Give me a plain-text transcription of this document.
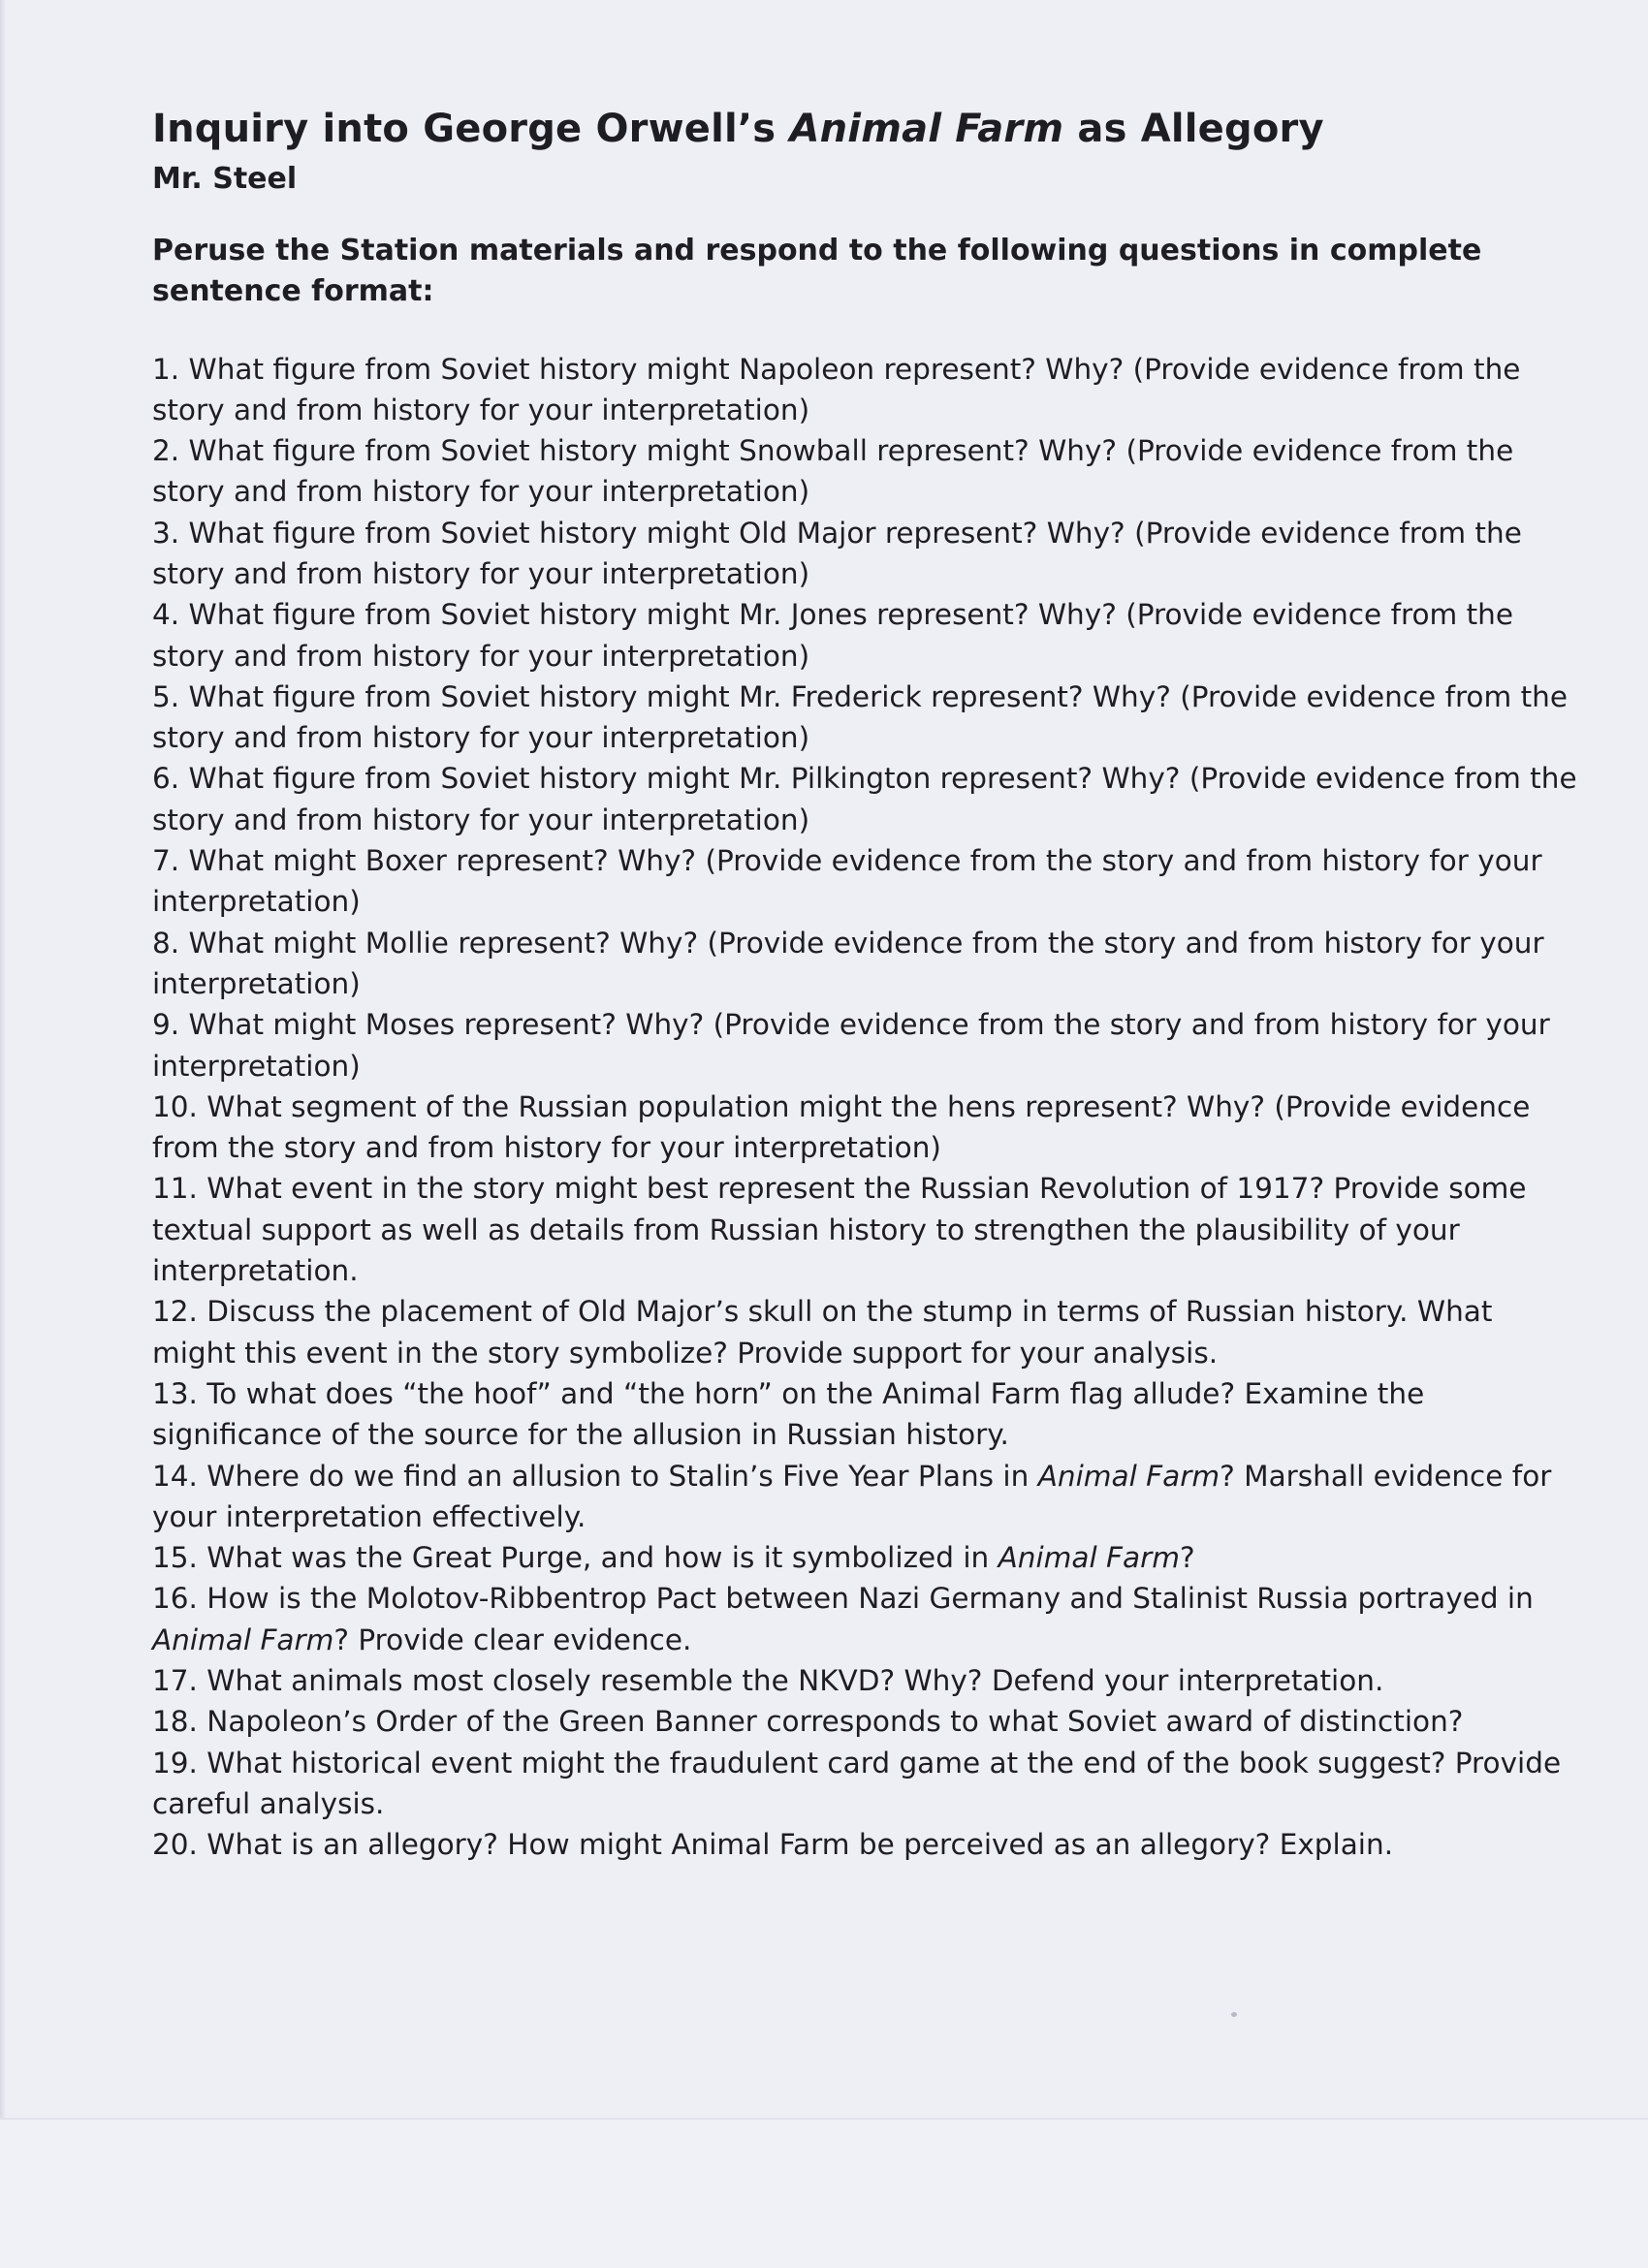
Inquiry into George Orwell’s Animal Farm as Allegory
Mr. Steel
Peruse the Station materials and respond to the following questions in complete sentence format:
1. What figure from Soviet history might Napoleon represent? Why? (Provide evidence from the story and from history for your interpretation)
2. What figure from Soviet history might Snowball represent? Why? (Provide evidence from the story and from history for your interpretation)
3. What figure from Soviet history might Old Major represent? Why? (Provide evidence from the story and from history for your interpretation)
4. What figure from Soviet history might Mr. Jones represent? Why? (Provide evidence from the story and from history for your interpretation)
5. What figure from Soviet history might Mr. Frederick represent? Why? (Provide evidence from the story and from history for your interpretation)
6. What figure from Soviet history might Mr. Pilkington represent? Why? (Provide evidence from the story and from history for your interpretation)
7. What might Boxer represent? Why? (Provide evidence from the story and from history for your interpretation)
8. What might Mollie represent? Why? (Provide evidence from the story and from history for your interpretation)
9. What might Moses represent? Why? (Provide evidence from the story and from history for your interpretation)
10. What segment of the Russian population might the hens represent? Why? (Provide evidence from the story and from history for your interpretation)
11. What event in the story might best represent the Russian Revolution of 1917? Provide some textual support as well as details from Russian history to strengthen the plausibility of your interpretation.
12. Discuss the placement of Old Major’s skull on the stump in terms of Russian history. What might this event in the story symbolize? Provide support for your analysis.
13. To what does “the hoof” and “the horn” on the Animal Farm flag allude? Examine the significance of the source for the allusion in Russian history.
14. Where do we find an allusion to Stalin’s Five Year Plans in Animal Farm? Marshall evidence for your interpretation effectively.
15. What was the Great Purge, and how is it symbolized in Animal Farm?
16. How is the Molotov-Ribbentrop Pact between Nazi Germany and Stalinist Russia portrayed in Animal Farm? Provide clear evidence.
17. What animals most closely resemble the NKVD? Why? Defend your interpretation.
18. Napoleon’s Order of the Green Banner corresponds to what Soviet award of distinction?
19. What historical event might the fraudulent card game at the end of the book suggest? Provide careful analysis.
20. What is an allegory? How might Animal Farm be perceived as an allegory? Explain.
